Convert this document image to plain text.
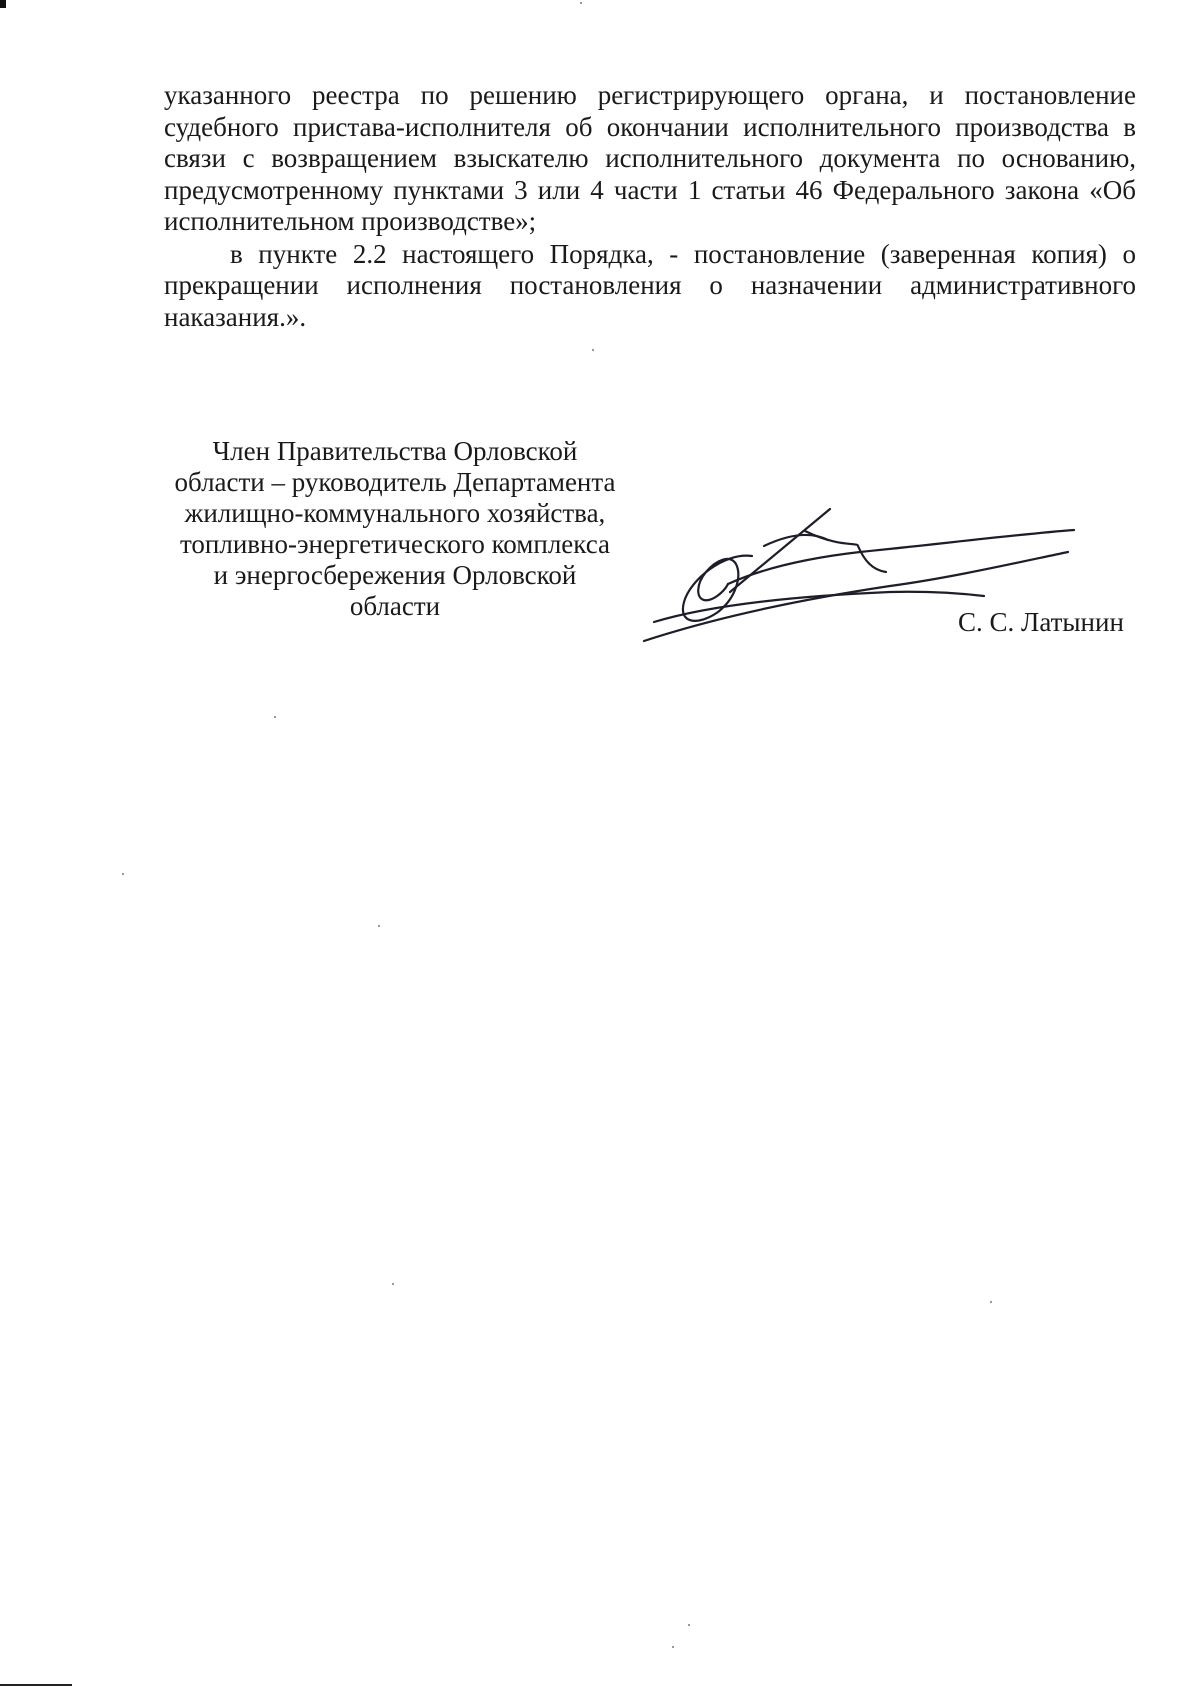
указанного реестра по решению регистрирующего органа, и постановление судебного пристава-исполнителя об окончании исполнительного производства в связи с возвращением взыскателю исполнительного документа по основанию, предусмотренному пунктами 3 или 4 части 1 статьи 46 Федерального закона «Об исполнительном производстве»;

в пункте 2.2 настоящего Порядка, - постановление (заверенная копия) о прекращении исполнения постановления о назначении административного наказания.».

Член Правительства Орловской
области – руководитель Департамента
жилищно-коммунального хозяйства,
топливно-энергетического комплекса
и энергосбережения Орловской
области
С. С. Латынин
